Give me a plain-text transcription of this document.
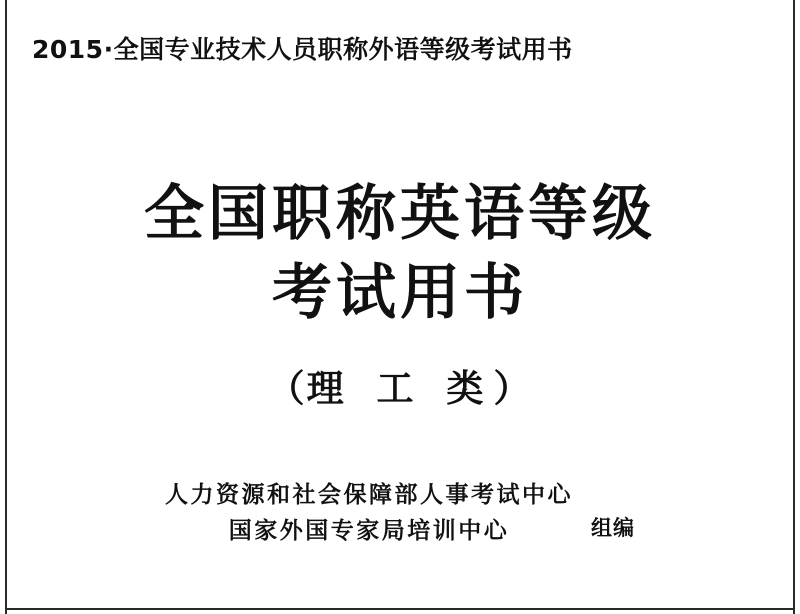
2015·全国专业技术人员职称外语等级考试用书
全国职称英语等级
考试用书
（理 工 类）
人力资源和社会保障部人事考试中心
国家外国专家局培训中心	组编
